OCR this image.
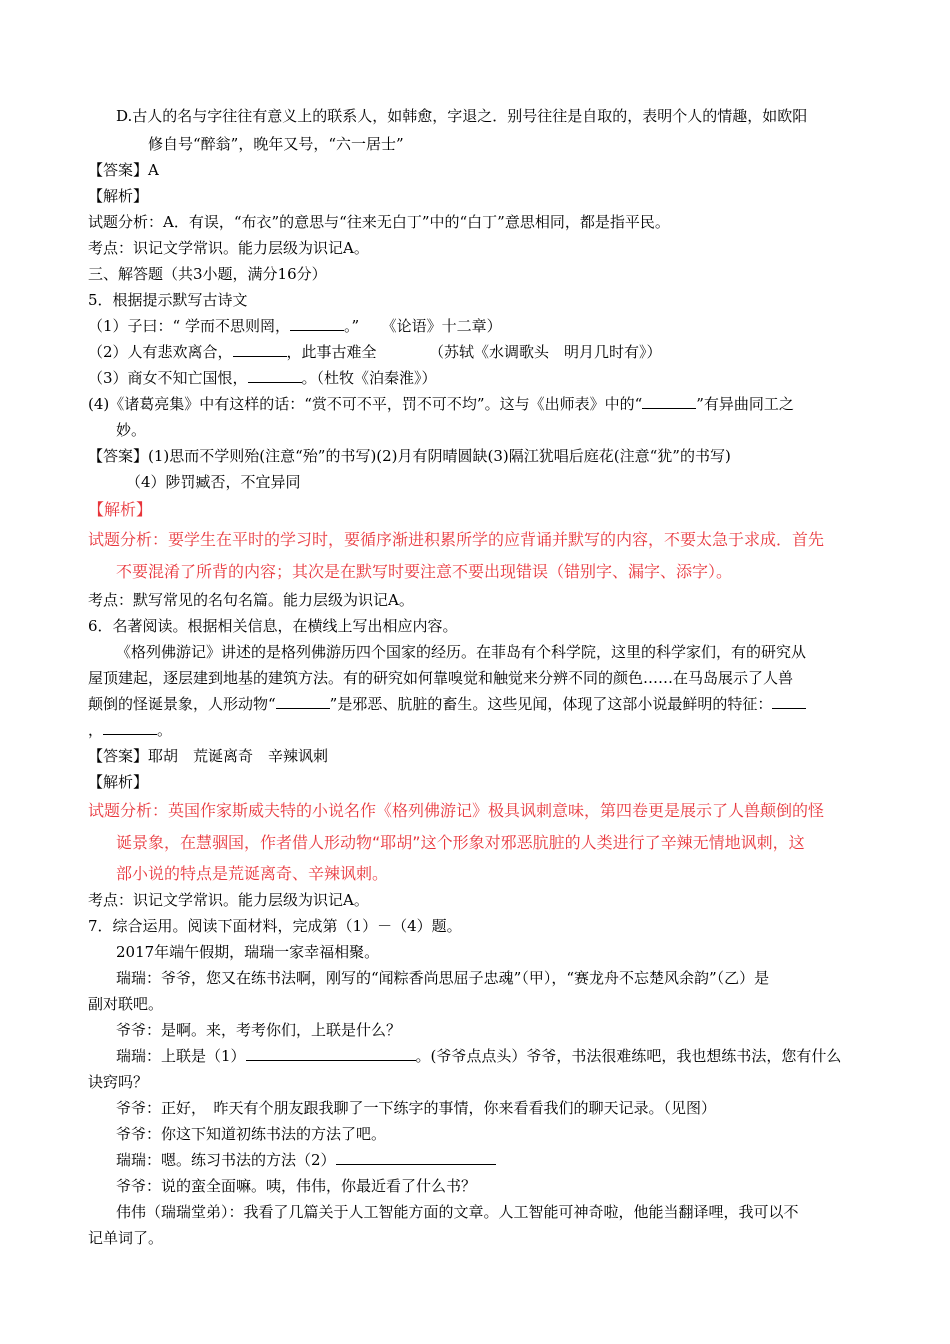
D.古人的名与字往往有意义上的联系人，如韩愈，字退之．别号往往是自取的，表明个人的情趣，如欧阳
修自号“醉翁”，晚年又号，“六一居士”
【答案】A
【解析】
试题分析：A．有误，“布衣”的意思与“往来无白丁”中的“白丁”意思相同，都是指平民。
考点：识记文学常识。能力层级为识记A。
三、解答题（共3小题，满分16分）
5．根据提示默写古诗文
（1）子曰：“ 学而不思则罔，	。”　　《论语》十二章）
（2）人有悲欢离合，	，此事古难全　　　　（苏轼《水调歌头　明月几时有》）
（3）商女不知亡国恨，	。（杜牧《泊秦淮》）
(4)《诸葛亮集》中有这样的话：“赏不可不平，罚不可不均”。这与《出师表》中的“	”有异曲同工之
妙。
【答案】(1)思而不学则殆(注意“殆”的书写)(2)月有阴晴圆缺(3)隔江犹唱后庭花(注意“犹”的书写)
（4）陟罚臧否，不宜异同
【解析】
试题分析：要学生在平时的学习时，要循序渐进积累所学的应背诵并默写的内容，不要太急于求成．首先
不要混淆了所背的内容；其次是在默写时要注意不要出现错误（错别字、漏字、添字）。
考点：默写常见的名句名篇。能力层级为识记A。
6．名著阅读。根据相关信息，在横线上写出相应内容。
《格列佛游记》讲述的是格列佛游历四个国家的经历。在菲岛有个科学院，这里的科学家们，有的研究从
屋顶建起，逐层建到地基的建筑方法。有的研究如何靠嗅觉和触觉来分辨不同的颜色……在马岛展示了人兽
颠倒的怪诞景象，人形动物“	”是邪恶、肮脏的畜生。这些见闻，体现了这部小说最鲜明的特征：
，	。
【答案】耶胡　荒诞离奇　辛辣讽刺
【解析】
试题分析：英国作家斯威夫特的小说名作《格列佛游记》极具讽刺意味，第四卷更是展示了人兽颠倒的怪
诞景象，在慧骃国，作者借人形动物“耶胡”这个形象对邪恶肮脏的人类进行了辛辣无情地讽刺，这
部小说的特点是荒诞离奇、辛辣讽刺。
考点：识记文学常识。能力层级为识记A。
7．综合运用。阅读下面材料，完成第（1）－（4）题。
2017年端午假期，瑞瑞一家幸福相聚。
瑞瑞：爷爷，您又在练书法啊，刚写的“闻粽香尚思屈子忠魂”（甲），“赛龙舟不忘楚风余韵”（乙）是
副对联吧。
爷爷：是啊。来，考考你们，上联是什么？
瑞瑞：上联是（1）	。(爷爷点点头）爷爷，书法很难练吧，我也想练书法，您有什么
诀窍吗？
爷爷：正好，　昨天有个朋友跟我聊了一下练字的事情，你来看看我们的聊天记录。（见图）
爷爷：你这下知道初练书法的方法了吧。
瑞瑞：嗯。练习书法的方法（2）
爷爷：说的蛮全面嘛。咦，伟伟，你最近看了什么书？
伟伟（瑞瑞堂弟）：我看了几篇关于人工智能方面的文章。人工智能可神奇啦，他能当翻译哩，我可以不
记单词了。
